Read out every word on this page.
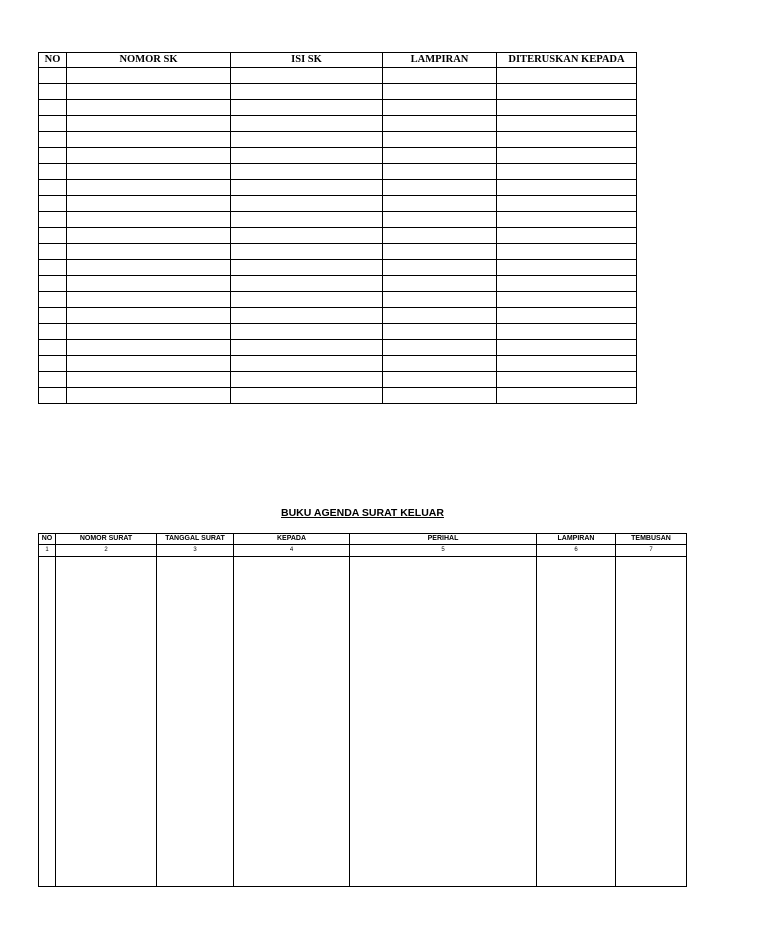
NO	NOMOR SK	ISI SK	LAMPIRAN	DITERUSKAN KEPADA

BUKU AGENDA SURAT KELUAR
NO	NOMOR SURAT	TANGGAL SURAT	KEPADA	PERIHAL	LAMPIRAN	TEMBUSAN
1	2	3	4	5	6	7
